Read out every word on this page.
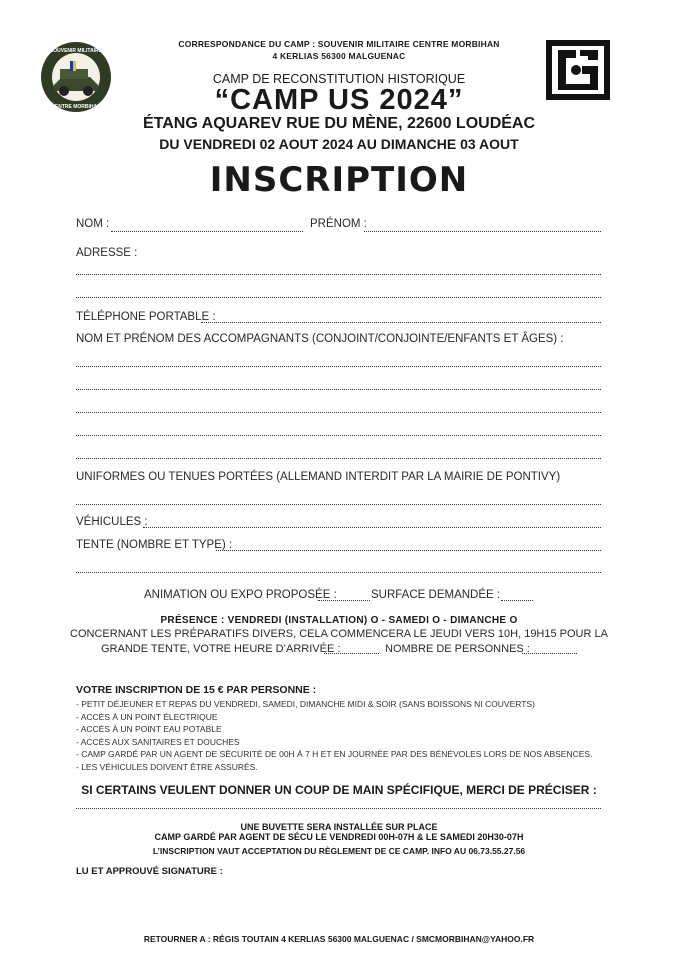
SOUVENIR MILITAIRE
CENTRE MORBIHAN
CORRESPONDANCE DU CAMP : SOUVENIR MILITAIRE CENTRE MORBIHAN
4 KERLIAS 56300 MALGUENAC
CAMP DE RECONSTITUTION HISTORIQUE
“CAMP US 2024”
ÉTANG AQUAREV RUE DU MÈNE, 22600 LOUDÉAC
DU VENDREDI 02 AOUT 2024 AU DIMANCHE 03 AOUT
INSCRIPTION
NOM :	PRÉNOM :
ADRESSE :
TÉLÉPHONE PORTABLE :
NOM ET PRÉNOM DES ACCOMPAGNANTS (CONJOINT/CONJOINTE/ENFANTS ET ÂGES) :
UNIFORMES OU TENUES PORTÉES (ALLEMAND INTERDIT PAR LA MAIRIE DE PONTIVY)
VÉHICULES :
TENTE (NOMBRE ET TYPE) :
ANIMATION OU EXPO PROPOSÉE :	SURFACE DEMANDÉE :
PRÉSENCE : VENDREDI (INSTALLATION) O - SAMEDI O - DIMANCHE O
CONCERNANT LES PRÉPARATIFS DIVERS, CELA COMMENCERA LE JEUDI VERS 10H, 19H15 POUR LA
GRANDE TENTE, VOTRE HEURE D’ARRIVÉE :	NOMBRE DE PERSONNES :
VOTRE INSCRIPTION DE 15 € PAR PERSONNE :
- PETIT DÉJEUNER ET REPAS DU VENDREDI, SAMEDI, DIMANCHE MIDI & SOIR (SANS BOISSONS NI COUVERTS)
- ACCÈS À UN POINT ÉLECTRIQUE
- ACCÈS À UN POINT EAU POTABLE
- ACCÈS AUX SANITAIRES ET DOUCHES
- CAMP GARDÉ PAR UN AGENT DE SÉCURITÉ DE 00H À 7 H ET EN JOURNÉE PAR DES BÉNÉVOLES LORS DE NOS ABSENCES.
- LES VÉHICULES DOIVENT ÊTRE ASSURÉS.
SI CERTAINS VEULENT DONNER UN COUP DE MAIN SPÉCIFIQUE, MERCI DE PRÉCISER :
UNE BUVETTE SERA INSTALLÉE SUR PLACE
CAMP GARDÉ PAR AGENT DE SÉCU LE VENDREDI 00H-07H & LE SAMEDI 20H30-07H
L’INSCRIPTION VAUT ACCEPTATION DU RÈGLEMENT DE CE CAMP. INFO AU 06.73.55.27.56
LU ET APPROUVÉ SIGNATURE :
RETOURNER A : RÉGIS TOUTAIN 4 KERLIAS 56300 MALGUENAC / SMCMORBIHAN@YAHOO.FR
